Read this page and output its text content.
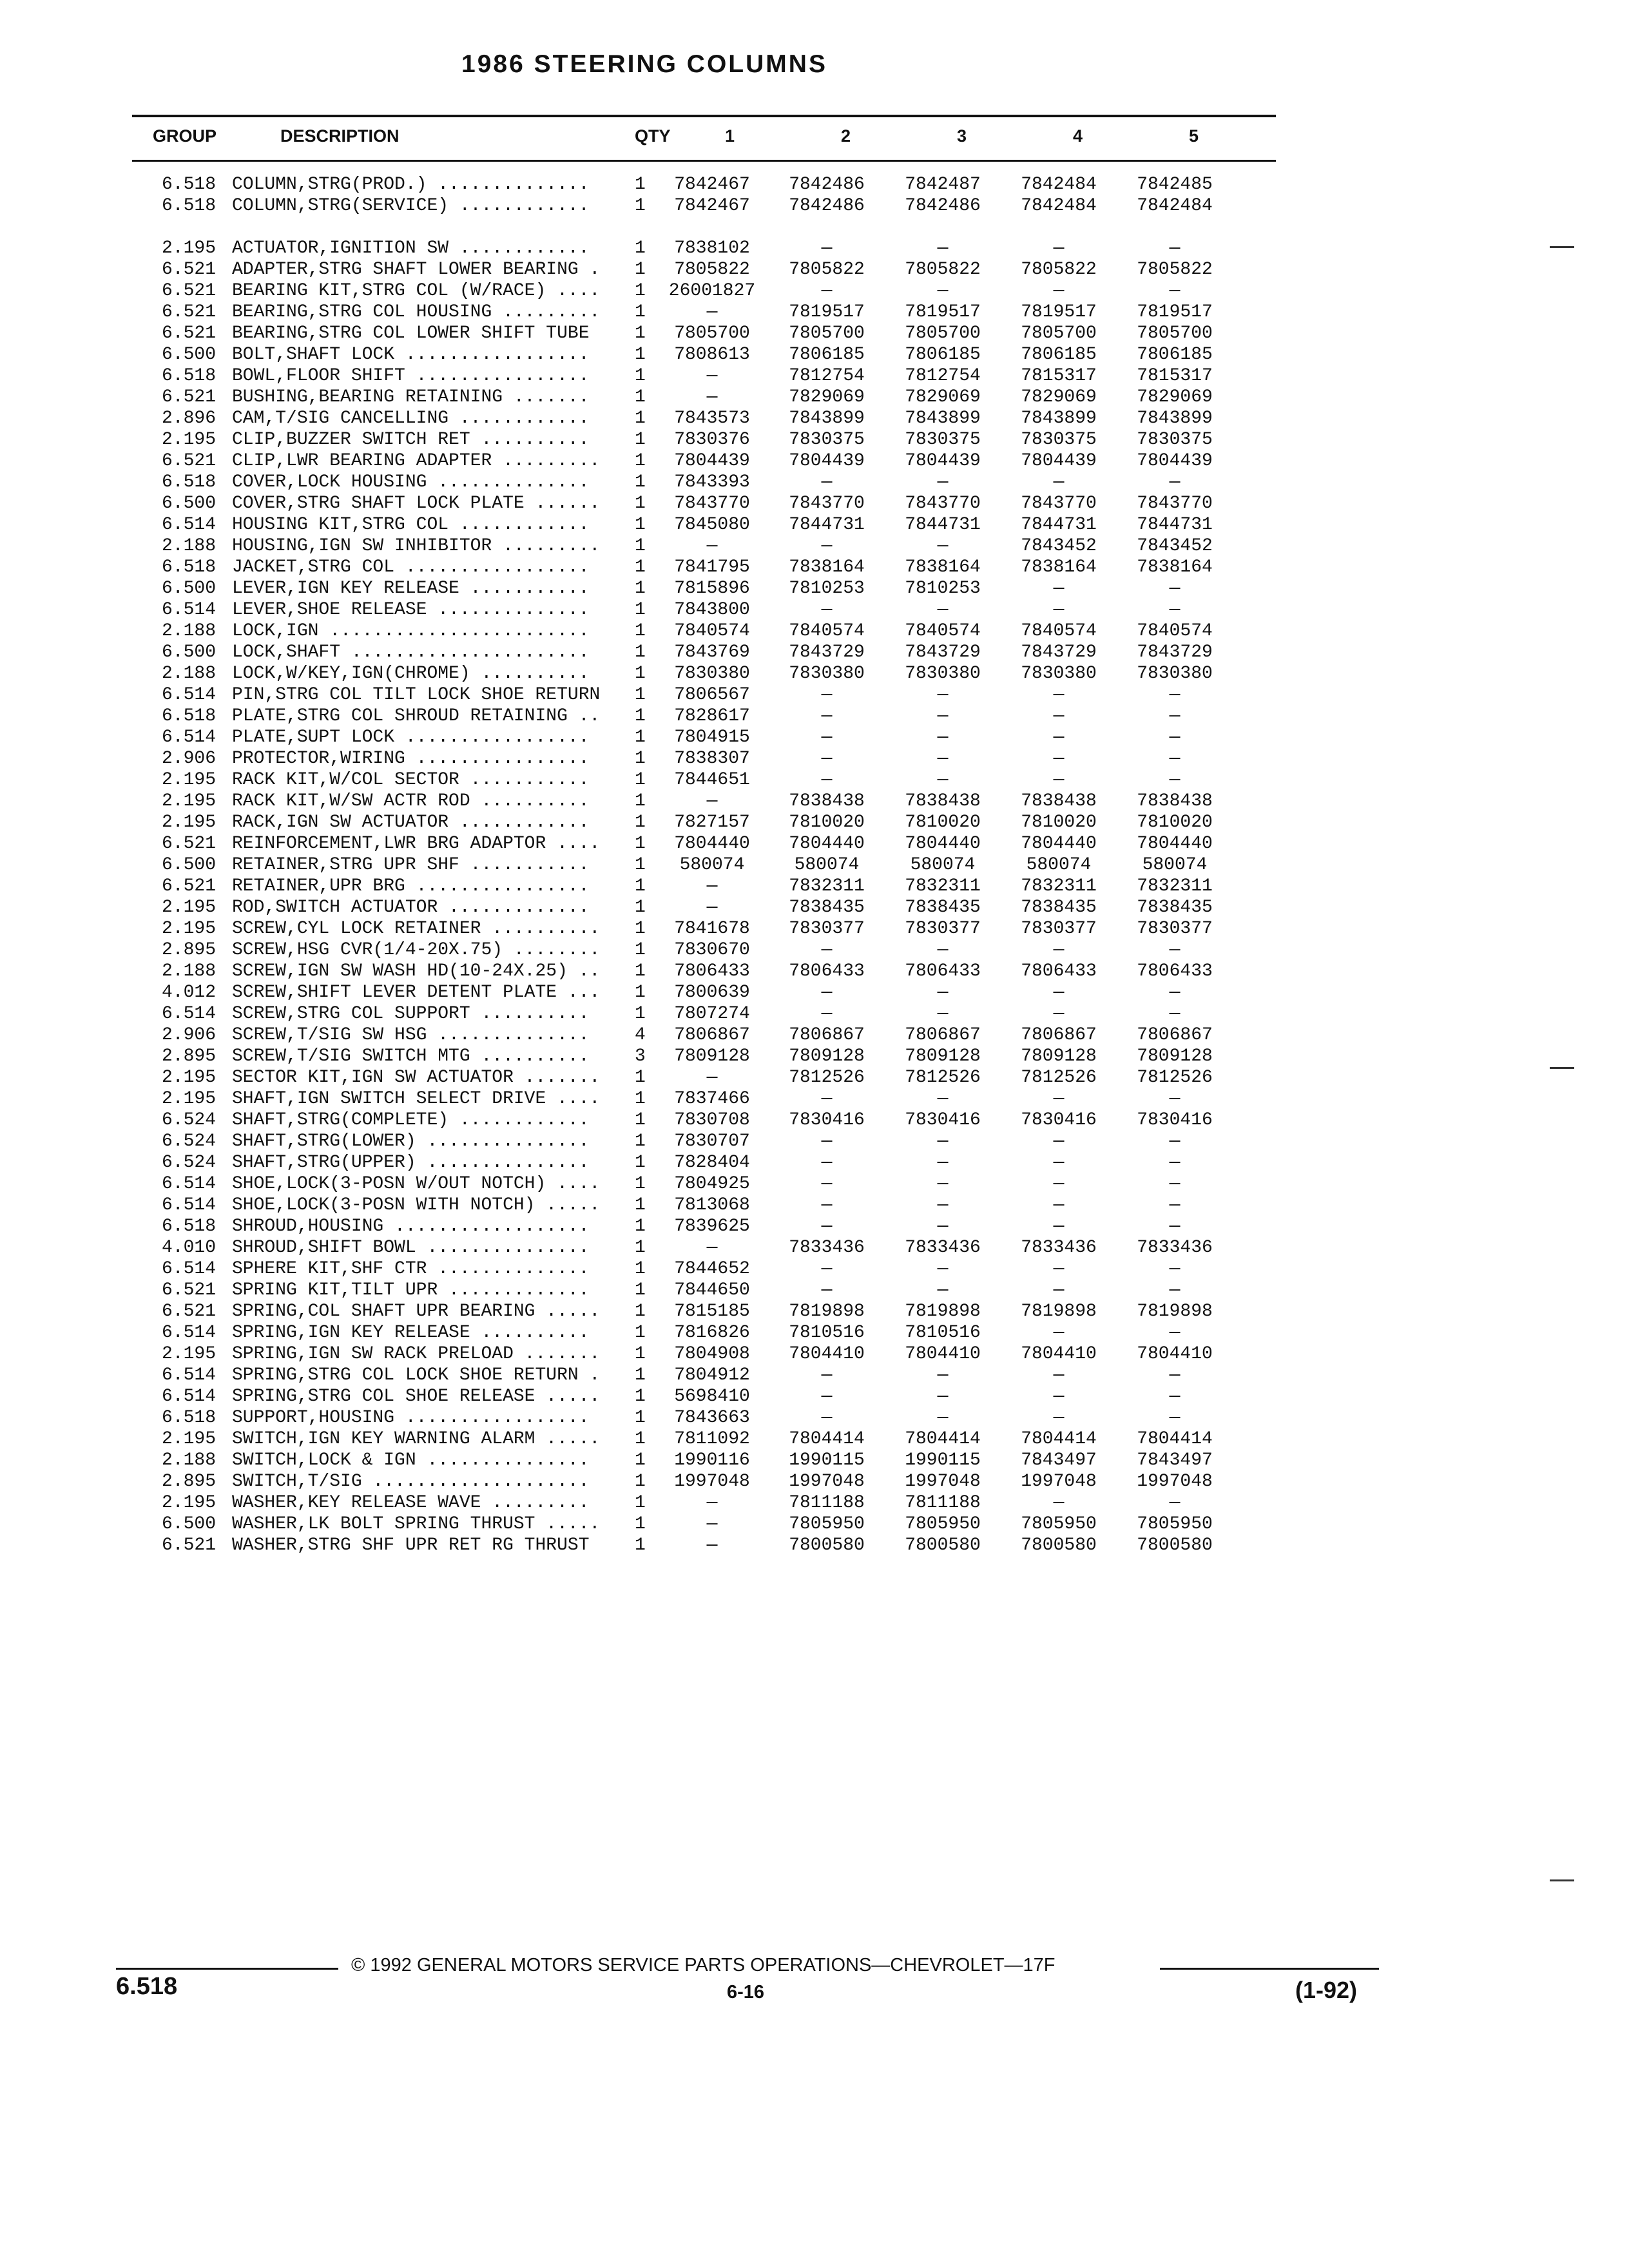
1986 STEERING COLUMNS
GROUP	DESCRIPTION	QTY	1	2	3	4	5
6.518 COLUMN,STRG(PROD.) ..............	1	7842467	7842486	7842487	7842484	7842485
6.518 COLUMN,STRG(SERVICE) ............	1	7842467	7842486	7842486	7842484	7842484
2.195 ACTUATOR,IGNITION SW ............	1	7838102	—	—	—	—
6.521 ADAPTER,STRG SHAFT LOWER BEARING .	1	7805822	7805822	7805822	7805822	7805822
6.521 BEARING KIT,STRG COL (W/RACE) ....	1	26001827	—	—	—	—
6.521 BEARING,STRG COL HOUSING .........	1	—	7819517	7819517	7819517	7819517
6.521 BEARING,STRG COL LOWER SHIFT TUBE	1	7805700	7805700	7805700	7805700	7805700
6.500 BOLT,SHAFT LOCK .................	1	7808613	7806185	7806185	7806185	7806185
6.518 BOWL,FLOOR SHIFT ................	1	—	7812754	7812754	7815317	7815317
6.521 BUSHING,BEARING RETAINING .......	1	—	7829069	7829069	7829069	7829069
2.896 CAM,T/SIG CANCELLING ............	1	7843573	7843899	7843899	7843899	7843899
2.195 CLIP,BUZZER SWITCH RET ..........	1	7830376	7830375	7830375	7830375	7830375
6.521 CLIP,LWR BEARING ADAPTER .........	1	7804439	7804439	7804439	7804439	7804439
6.518 COVER,LOCK HOUSING ..............	1	7843393	—	—	—	—
6.500 COVER,STRG SHAFT LOCK PLATE ......	1	7843770	7843770	7843770	7843770	7843770
6.514 HOUSING KIT,STRG COL ............	1	7845080	7844731	7844731	7844731	7844731
2.188 HOUSING,IGN SW INHIBITOR .........	1	—	—	—	7843452	7843452
6.518 JACKET,STRG COL .................	1	7841795	7838164	7838164	7838164	7838164
6.500 LEVER,IGN KEY RELEASE ...........	1	7815896	7810253	7810253	—	—
6.514 LEVER,SHOE RELEASE ..............	1	7843800	—	—	—	—
2.188 LOCK,IGN ........................	1	7840574	7840574	7840574	7840574	7840574
6.500 LOCK,SHAFT ......................	1	7843769	7843729	7843729	7843729	7843729
2.188 LOCK,W/KEY,IGN(CHROME) ..........	1	7830380	7830380	7830380	7830380	7830380
6.514 PIN,STRG COL TILT LOCK SHOE RETURN	1	7806567	—	—	—	—
6.518 PLATE,STRG COL SHROUD RETAINING ..	1	7828617	—	—	—	—
6.514 PLATE,SUPT LOCK .................	1	7804915	—	—	—	—
2.906 PROTECTOR,WIRING ................	1	7838307	—	—	—	—
2.195 RACK KIT,W/COL SECTOR ...........	1	7844651	—	—	—	—
2.195 RACK KIT,W/SW ACTR ROD ..........	1	—	7838438	7838438	7838438	7838438
2.195 RACK,IGN SW ACTUATOR ............	1	7827157	7810020	7810020	7810020	7810020
6.521 REINFORCEMENT,LWR BRG ADAPTOR ....	1	7804440	7804440	7804440	7804440	7804440
6.500 RETAINER,STRG UPR SHF ...........	1	580074	580074	580074	580074	580074
6.521 RETAINER,UPR BRG ................	1	—	7832311	7832311	7832311	7832311
2.195 ROD,SWITCH ACTUATOR .............	1	—	7838435	7838435	7838435	7838435
2.195 SCREW,CYL LOCK RETAINER ..........	1	7841678	7830377	7830377	7830377	7830377
2.895 SCREW,HSG CVR(1/4-20X.75) ........	1	7830670	—	—	—	—
2.188 SCREW,IGN SW WASH HD(10-24X.25) ..	1	7806433	7806433	7806433	7806433	7806433
4.012 SCREW,SHIFT LEVER DETENT PLATE ...	1	7800639	—	—	—	—
6.514 SCREW,STRG COL SUPPORT ..........	1	7807274	—	—	—	—
2.906 SCREW,T/SIG SW HSG ..............	4	7806867	7806867	7806867	7806867	7806867
2.895 SCREW,T/SIG SWITCH MTG ..........	3	7809128	7809128	7809128	7809128	7809128
2.195 SECTOR KIT,IGN SW ACTUATOR .......	1	—	7812526	7812526	7812526	7812526
2.195 SHAFT,IGN SWITCH SELECT DRIVE ....	1	7837466	—	—	—	—
6.524 SHAFT,STRG(COMPLETE) ............	1	7830708	7830416	7830416	7830416	7830416
6.524 SHAFT,STRG(LOWER) ...............	1	7830707	—	—	—	—
6.524 SHAFT,STRG(UPPER) ...............	1	7828404	—	—	—	—
6.514 SHOE,LOCK(3-POSN W/OUT NOTCH) ....	1	7804925	—	—	—	—
6.514 SHOE,LOCK(3-POSN WITH NOTCH) .....	1	7813068	—	—	—	—
6.518 SHROUD,HOUSING ..................	1	7839625	—	—	—	—
4.010 SHROUD,SHIFT BOWL ...............	1	—	7833436	7833436	7833436	7833436
6.514 SPHERE KIT,SHF CTR ..............	1	7844652	—	—	—	—
6.521 SPRING KIT,TILT UPR .............	1	7844650	—	—	—	—
6.521 SPRING,COL SHAFT UPR BEARING .....	1	7815185	7819898	7819898	7819898	7819898
6.514 SPRING,IGN KEY RELEASE ..........	1	7816826	7810516	7810516	—	—
2.195 SPRING,IGN SW RACK PRELOAD .......	1	7804908	7804410	7804410	7804410	7804410
6.514 SPRING,STRG COL LOCK SHOE RETURN .	1	7804912	—	—	—	—
6.514 SPRING,STRG COL SHOE RELEASE .....	1	5698410	—	—	—	—
6.518 SUPPORT,HOUSING .................	1	7843663	—	—	—	—
2.195 SWITCH,IGN KEY WARNING ALARM .....	1	7811092	7804414	7804414	7804414	7804414
2.188 SWITCH,LOCK & IGN ...............	1	1990116	1990115	1990115	7843497	7843497
2.895 SWITCH,T/SIG ....................	1	1997048	1997048	1997048	1997048	1997048
2.195 WASHER,KEY RELEASE WAVE .........	1	—	7811188	7811188	—	—
6.500 WASHER,LK BOLT SPRING THRUST .....	1	—	7805950	7805950	7805950	7805950
6.521 WASHER,STRG SHF UPR RET RG THRUST	1	—	7800580	7800580	7800580	7800580
© 1992 GENERAL MOTORS SERVICE PARTS OPERATIONS—CHEVROLET—17F
6.518	6-16	(1-92)
